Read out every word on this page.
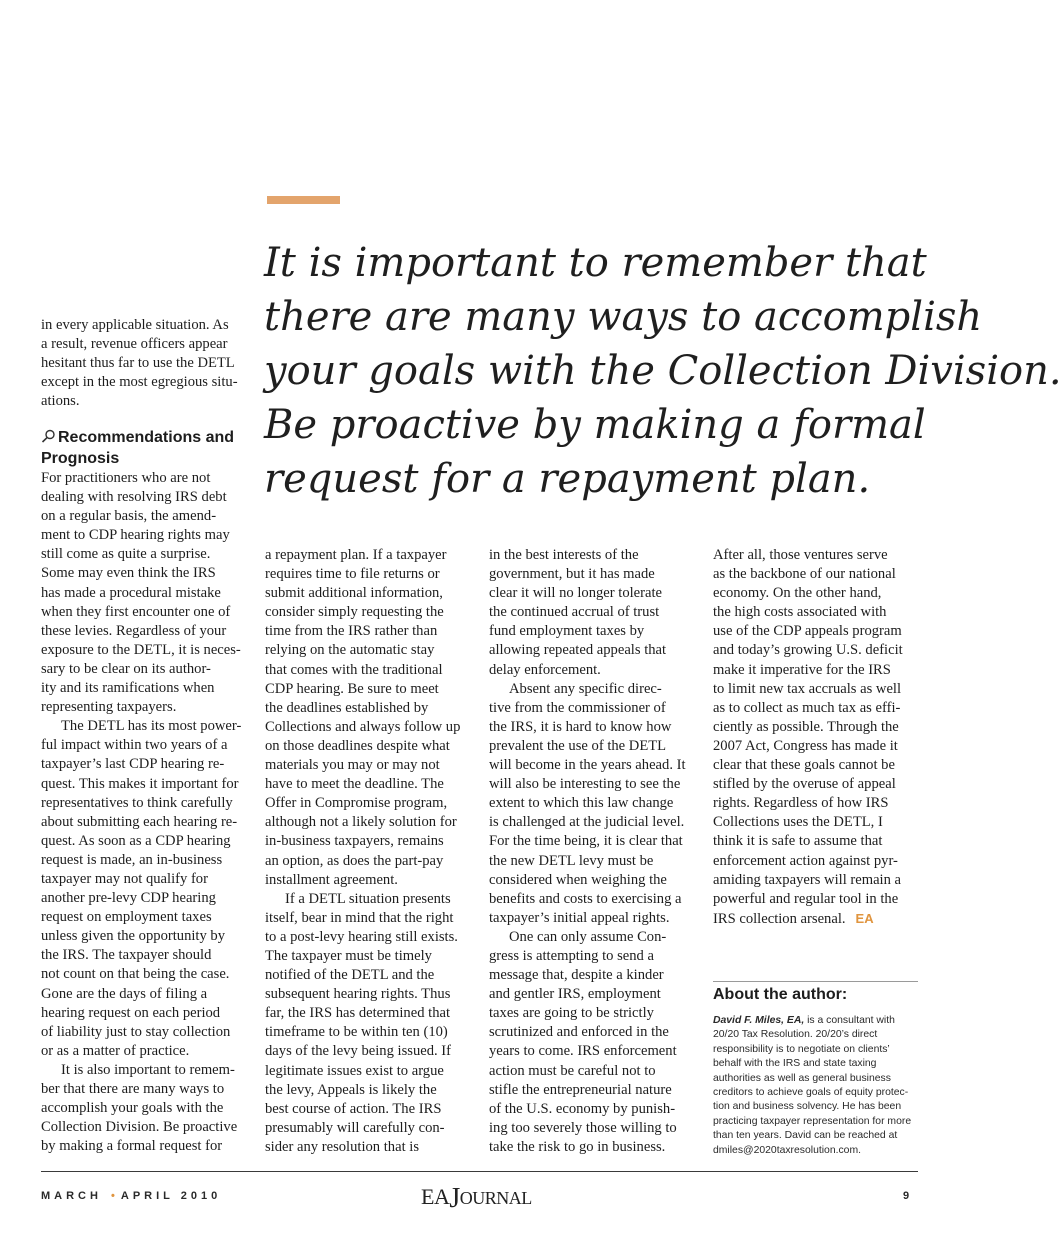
It is important to remember that
there are many ways to accomplish
your goals with the Collection Division.
Be proactive by making a formal
request for a repayment plan.
in every applicable situation. As
a result, revenue officers appear
hesitant thus far to use the DETL
except in the most egregious situ-
ations.
Recommendations and
Prognosis
For practitioners who are not
dealing with resolving IRS debt
on a regular basis, the amend-
ment to CDP hearing rights may
still come as quite a surprise.
Some may even think the IRS
has made a procedural mistake
when they first encounter one of
these levies. Regardless of your
exposure to the DETL, it is neces-
sary to be clear on its author-
ity and its ramifications when
representing taxpayers.
The DETL has its most power-
ful impact within two years of a
taxpayer’s last CDP hearing re-
quest. This makes it important for
representatives to think carefully
about submitting each hearing re-
quest. As soon as a CDP hearing
request is made, an in-business
taxpayer may not qualify for
another pre-levy CDP hearing
request on employment taxes
unless given the opportunity by
the IRS. The taxpayer should
not count on that being the case.
Gone are the days of filing a
hearing request on each period
of liability just to stay collection
or as a matter of practice.
It is also important to remem-
ber that there are many ways to
accomplish your goals with the
Collection Division. Be proactive
by making a formal request for
a repayment plan. If a taxpayer
requires time to file returns or
submit additional information,
consider simply requesting the
time from the IRS rather than
relying on the automatic stay
that comes with the traditional
CDP hearing. Be sure to meet
the deadlines established by
Collections and always follow up
on those deadlines despite what
materials you may or may not
have to meet the deadline. The
Offer in Compromise program,
although not a likely solution for
in-business taxpayers, remains
an option, as does the part-pay
installment agreement.
If a DETL situation presents
itself, bear in mind that the right
to a post-levy hearing still exists.
The taxpayer must be timely
notified of the DETL and the
subsequent hearing rights. Thus
far, the IRS has determined that
timeframe to be within ten (10)
days of the levy being issued. If
legitimate issues exist to argue
the levy, Appeals is likely the
best course of action. The IRS
presumably will carefully con-
sider any resolution that is
in the best interests of the
government, but it has made
clear it will no longer tolerate
the continued accrual of trust
fund employment taxes by
allowing repeated appeals that
delay enforcement.
Absent any specific direc-
tive from the commissioner of
the IRS, it is hard to know how
prevalent the use of the DETL
will become in the years ahead. It
will also be interesting to see the
extent to which this law change
is challenged at the judicial level.
For the time being, it is clear that
the new DETL levy must be
considered when weighing the
benefits and costs to exercising a
taxpayer’s initial appeal rights.
One can only assume Con-
gress is attempting to send a
message that, despite a kinder
and gentler IRS, employment
taxes are going to be strictly
scrutinized and enforced in the
years to come. IRS enforcement
action must be careful not to
stifle the entrepreneurial nature
of the U.S. economy by punish-
ing too severely those willing to
take the risk to go in business.
After all, those ventures serve
as the backbone of our national
economy. On the other hand,
the high costs associated with
use of the CDP appeals program
and today’s growing U.S. deficit
make it imperative for the IRS
to limit new tax accruals as well
as to collect as much tax as effi-
ciently as possible. Through the
2007 Act, Congress has made it
clear that these goals cannot be
stifled by the overuse of appeal
rights. Regardless of how IRS
Collections uses the DETL, I
think it is safe to assume that
enforcement action against pyr-
amiding taxpayers will remain a
powerful and regular tool in the
IRS collection arsenal. EA
About the author:
David F. Miles, EA, is a consultant with
20/20 Tax Resolution. 20/20’s direct
responsibility is to negotiate on clients’
behalf with the IRS and state taxing
authorities as well as general business
creditors to achieve goals of equity protec-
tion and business solvency. He has been
practicing taxpayer representation for more
than ten years. David can be reached at
dmiles@2020taxresolution.com.
MARCH • APRIL 2010	EAJOURNAL	9
